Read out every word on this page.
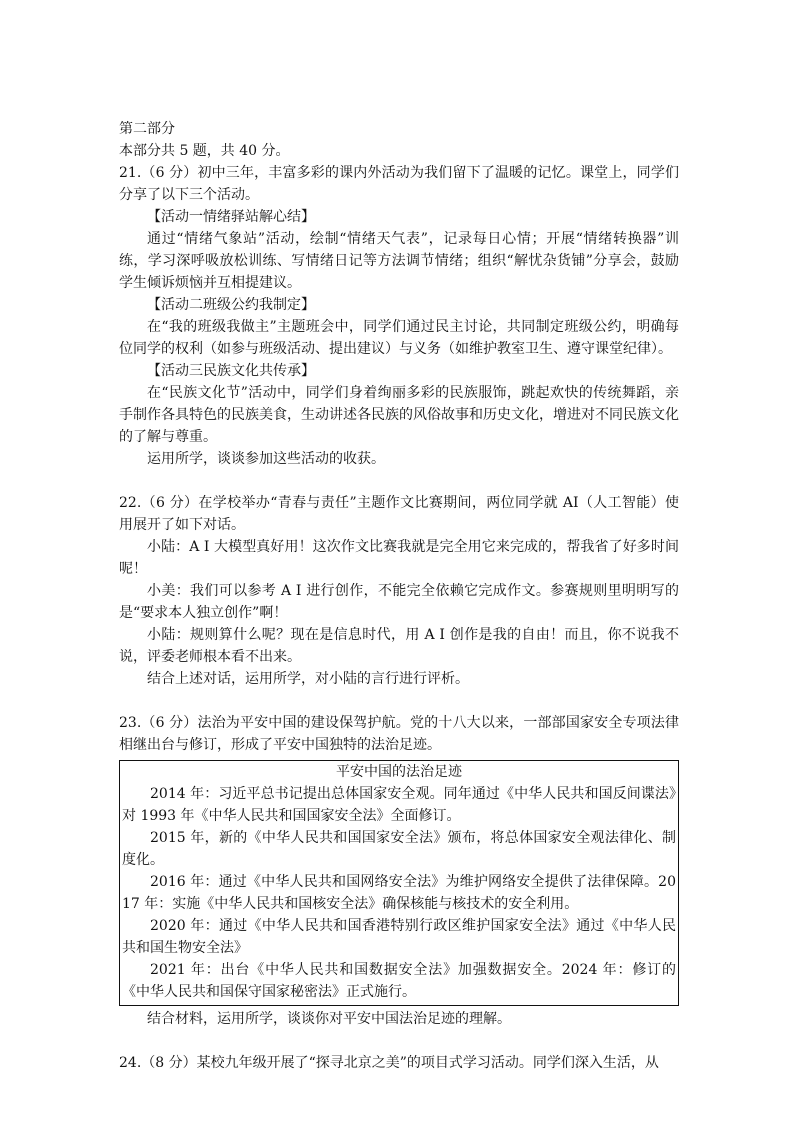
第二部分
本部分共 5 题，共 40 分。
21.（6 分）初中三年，丰富多彩的课内外活动为我们留下了温暖的记忆。课堂上，同学们分享了以下三个活动。
【活动一情绪驿站解心结】
通过“情绪气象站”活动，绘制“情绪天气表”，记录每日心情；开展“情绪转换器”训练，学习深呼吸放松训练、写情绪日记等方法调节情绪；组织“解忧杂货铺”分享会，鼓励学生倾诉烦恼并互相提建议。
【活动二班级公约我制定】
在“我的班级我做主”主题班会中，同学们通过民主讨论，共同制定班级公约，明确每位同学的权利（如参与班级活动、提出建议）与义务（如维护教室卫生、遵守课堂纪律）。
【活动三民族文化共传承】
在“民族文化节”活动中，同学们身着绚丽多彩的民族服饰，跳起欢快的传统舞蹈，亲手制作各具特色的民族美食，生动讲述各民族的风俗故事和历史文化，增进对不同民族文化的了解与尊重。
运用所学，谈谈参加这些活动的收获。
22.（6 分）在学校举办“青春与责任”主题作文比赛期间，两位同学就 AI（人工智能）使用展开了如下对话。
小陆：A I 大模型真好用！这次作文比赛我就是完全用它来完成的，帮我省了好多时间呢！
小美：我们可以参考 A I 进行创作，不能完全依赖它完成作文。参赛规则里明明写的是“要求本人独立创作”啊！
小陆：规则算什么呢？现在是信息时代，用 A I 创作是我的自由！而且，你不说我不说，评委老师根本看不出来。
结合上述对话，运用所学，对小陆的言行进行评析。
23.（6 分）法治为平安中国的建设保驾护航。党的十八大以来，一部部国家安全专项法律相继出台与修订，形成了平安中国独特的法治足迹。
平安中国的法治足迹
2014 年：习近平总书记提出总体国家安全观。同年通过《中华人民共和国反间谍法》对 1993 年《中华人民共和国国家安全法》全面修订。
2015 年，新的《中华人民共和国国家安全法》颁布，将总体国家安全观法律化、制度化。
2016 年：通过《中华人民共和国网络安全法》为维护网络安全提供了法律保障。2017 年：实施《中华人民共和国核安全法》确保核能与核技术的安全利用。
2020 年：通过《中华人民共和国香港特别行政区维护国家安全法》通过《中华人民共和国生物安全法》
2021 年：出台《中华人民共和国数据安全法》加强数据安全。2024 年：修订的《中华人民共和国保守国家秘密法》正式施行。
结合材料，运用所学，谈谈你对平安中国法治足迹的理解。
24.（8 分）某校九年级开展了“探寻北京之美”的项目式学习活动。同学们深入生活，从
